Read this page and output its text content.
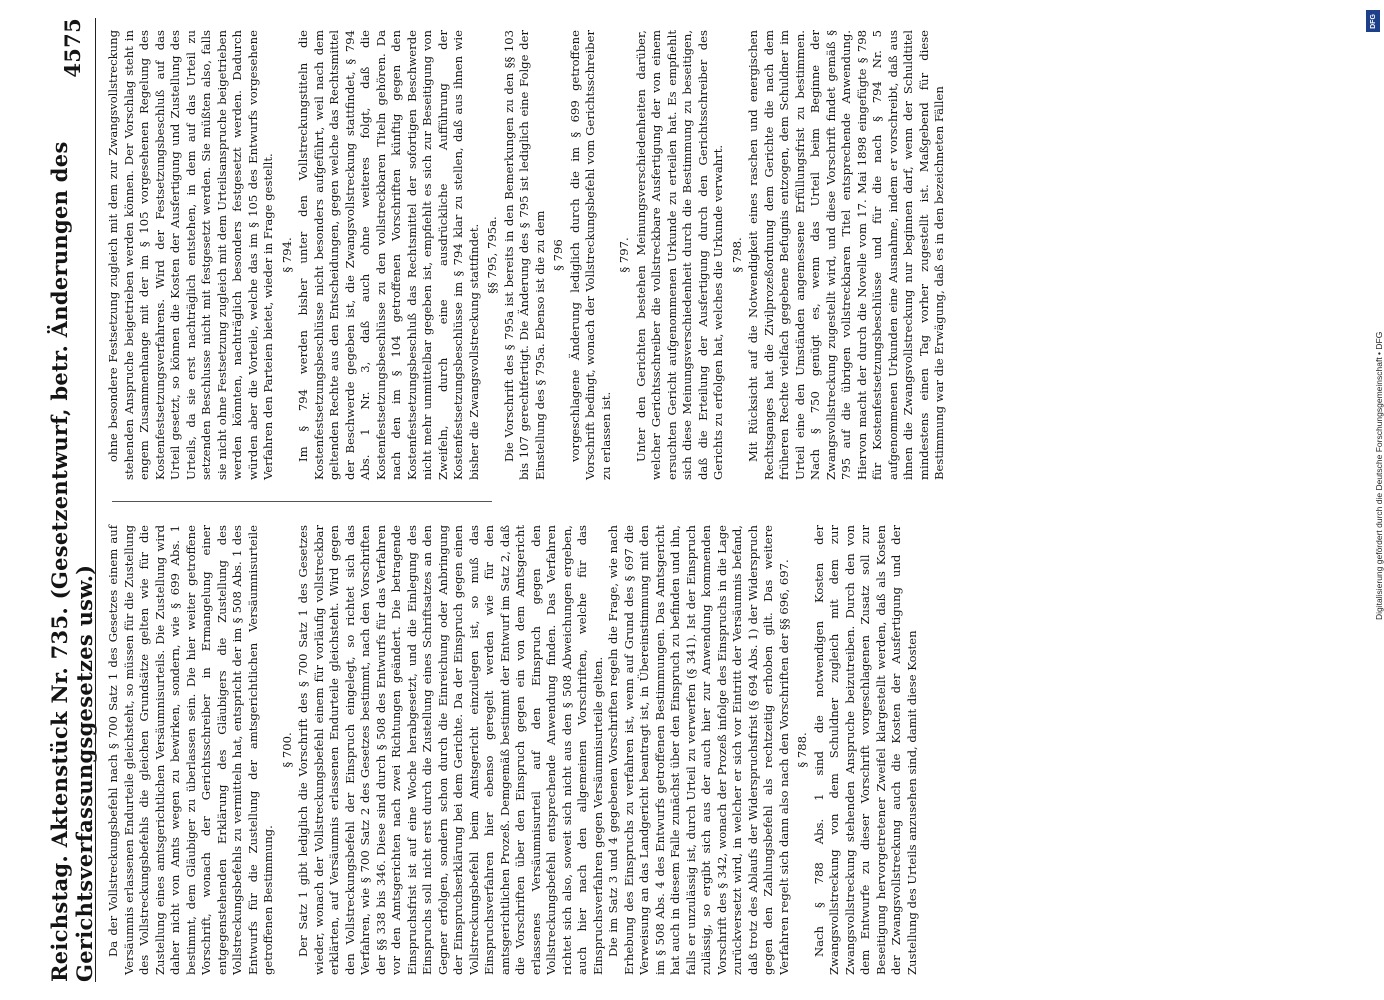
Reichstag. Aktenstück Nr. 735. (Gesetzentwurf, betr. Änderungen des Gerichtsverfassungsgesetzes usw.)
4575

Da der Vollstreckungsbefehl nach § 700 Satz 1 des Gesetzes einem auf Versäumnis erlassenen Endurteile gleichsteht, so müssen für die Zustellung des Vollstreckungsbefehls die gleichen Grundsätze gelten wie für die Zustellung eines amtsgerichtlichen Versäumnisurteils. Die Zustellung wird daher nicht von Amts wegen zu bewirken, sondern, wie § 699 Abs. 1 bestimmt, dem Gläubiger zu überlassen sein. Die hier weiter getroffene Vorschrift, wonach der Gerichtsschreiber in Ermangelung einer entgegenstehenden Erklärung des Gläubigers die Zustellung des Vollstreckungsbefehls zu vermitteln hat, entspricht der im § 508 Abs. 1 des Entwurfs für die Zustellung der amtsgerichtlichen Versäumnisurteile getroffenen Bestimmung.

§ 700. Der Satz 1 gibt lediglich die Vorschrift des § 700 Satz 1 des Gesetzes wieder, wonach der Vollstreckungsbefehl einem für vorläufig vollstreckbar erklärten, auf Versäumnis erlassenen Endurteile gleichsteht. Wird gegen den Vollstreckungsbefehl der Einspruch eingelegt, so richtet sich das Verfahren, wie § 700 Satz 2 des Gesetzes bestimmt, nach den Vorschriften der §§ 338 bis 346. Diese sind durch § 508 des Entwurfs für das Verfahren vor den Amtsgerichten nach zwei Richtungen geändert. Die betragende Einspruchsfrist ist auf eine Woche herabgesetzt, und die Einlegung des Einspruchs soll nicht erst durch die Zustellung eines Schriftsatzes an den Gegner erfolgen, sondern schon durch die Einreichung oder Anbringung der Einspruchserklärung bei dem Gerichte. Da der Einspruch gegen einen Vollstreckungsbefehl beim Amtsgericht einzulegen ist, so muß das Einspruchsverfahren hier ebenso geregelt werden wie für den amtsgerichtlichen Prozeß. Demgemäß bestimmt der Entwurf im Satz 2, daß die Vorschriften über den Einspruch gegen ein von dem Amtsgericht erlassenes Versäumnisurteil auf den Einspruch gegen den Vollstreckungsbefehl entsprechende Anwendung finden. Das Verfahren richtet sich also, soweit sich nicht aus den § 508 Abweichungen ergeben, auch hier nach den allgemeinen Vorschriften, welche für das Einspruchsverfahren gegen Versäumnisurteile gelten. Die im Satz 3 und 4 gegebenen Vorschriften regeln die Frage, wie nach Erhebung des Einspruchs zu verfahren ist, wenn auf Grund des § 697 die Verweisung an das Landgericht beantragt ist, in Übereinstimmung mit den im § 508 Abs. 4 des Entwurfs getroffenen Bestimmungen. Das Amtsgericht hat auch in diesem Falle zunächst über den Einspruch zu befinden und ihn, falls er unzulässig ist, durch Urteil zu verwerfen (§ 341). Ist der Einspruch zulässig, so ergibt sich aus der auch hier zur Anwendung kommenden Vorschrift des § 342, wonach der Prozeß infolge des Einspruchs in die Lage zurückversetzt wird, in welcher er sich vor Eintritt der Versäumnis befand, daß trotz des Ablaufs der Widerspruchsfrist (§ 694 Abs. 1) der Widerspruch gegen den Zahlungsbefehl als rechtzeitig erhoben gilt. Das weitere Verfahren regelt sich dann also nach den Vorschriften der §§ 696, 697. § 788. Nach § 788 Abs. 1 sind die notwendigen Kosten der Zwangsvollstreckung von dem Schuldner zugleich mit dem zur Zwangsvollstreckung stehenden Anspruche beizutreiben. Durch den von dem Entwurfe zu dieser Vorschrift vorgeschlagenen Zusatz soll zur Beseitigung hervorgetretener Zweifel klargestellt werden, daß als Kosten der Zwangsvollstreckung auch die Kosten der Ausfertigung und der Zustellung des Urteils anzusehen sind, damit diese Kosten

ohne besondere Festsetzung zugleich mit dem zur Zwangsvollstreckung stehenden Anspruche beigetrieben werden können. Der Vorschlag steht in engem Zusammenhange mit der im § 105 vorgesehenen Regelung des Kostenfestsetzungsverfahrens. Wird der Festsetzungsbeschluß auf das Urteil gesetzt, so können die Kosten der Ausfertigung und Zustellung des Urteils, da sie erst nachträglich entstehen, in dem auf das Urteil zu setzenden Beschlusse nicht mit festgesetzt werden. Sie müßten also, falls sie nicht ohne Festsetzung zugleich mit dem Urteilsanspruche beigetrieben werden könnten, nachträglich besonders festgesetzt werden. Dadurch würden aber die Vorteile, welche das im § 105 des Entwurfs vorgesehene Verfahren den Parteien bietet, wieder in Frage gestellt. § 794. Im § 794 werden bisher unter den Vollstreckungstiteln die Kostenfestsetzungsbeschlüsse nicht besonders aufgeführt, weil nach dem geltenden Rechte aus den Entscheidungen, gegen welche das Rechtsmittel der Beschwerde gegeben ist, die Zwangsvollstreckung stattfindet, § 794 Abs. 1 Nr. 3, daß auch ohne weiteres folgt, daß die Kostenfestsetzungsbeschlüsse zu den vollstreckbaren Titeln gehören. Da nach den im § 104 getroffenen Vorschriften künftig gegen den Kostenfestsetzungsbeschluß das Rechtsmittel der sofortigen Beschwerde nicht mehr unmittelbar gegeben ist, empfiehlt es sich zur Beseitigung von Zweifeln, durch eine ausdrückliche Aufführung der Kostenfestsetzungsbeschlüsse im § 794 klar zu stellen, daß aus ihnen wie bisher die Zwangsvollstreckung stattfindet. §§ 795, 795a. Die Vorschrift des § 795a ist bereits in den Bemerkungen zu den §§ 103 bis 107 gerechtfertigt. Die Änderung des § 795 ist lediglich eine Folge der Einstellung des § 795a. Ebenso ist die zu dem § 796 vorgeschlagene Änderung lediglich durch die im § 699 getroffene Vorschrift bedingt, wonach der Vollstreckungsbefehl vom Gerichtsschreiber zu erlassen ist.

§ 797. Unter den Gerichten bestehen Meinungsverschiedenheiten darüber, welcher Gerichtsschreiber die vollstreckbare Ausfertigung der von einem ersuchten Gericht aufgenommenen Urkunde zu erteilen hat. Es empfiehlt sich diese Meinungsverschiedenheit durch die Bestimmung zu beseitigen, daß die Erteilung der Ausfertigung durch den Gerichtsschreiber des Gerichts zu erfolgen hat, welches die Urkunde verwahrt. § 798. Mit Rücksicht auf die Notwendigkeit eines raschen und energischen Rechtsganges hat die Zivilprozeßordnung dem Gerichte die nach dem früheren Rechte vielfach gegebene Befugnis entzogen, dem Schuldner im Urteil eine den Umständen angemessene Erfüllungsfrist zu bestimmen. Nach § 750 genügt es, wenn das Urteil beim Beginne der Zwangsvollstreckung zugestellt wird, und diese Vorschrift findet gemäß § 795 auf die übrigen vollstreckbaren Titel entsprechende Anwendung. Hiervon macht der durch die Novelle vom 17. Mai 1898 eingefügte § 798 für Kostenfestsetzungsbeschlüsse und für die nach § 794 Nr. 5 aufgenommenen Urkunden eine Ausnahme, indem er vorschreibt, daß aus ihnen die Zwangsvollstreckung nur beginnen darf, wenn der Schuldtitel mindestens einen Tag vorher zugestellt ist. Maßgebend für diese Bestimmung war die Erwägung, daß es in den bezeichneten Fällen

DFG
Digitalisierung gefördert durch die Deutsche Forschungsgemeinschaft • DFG
